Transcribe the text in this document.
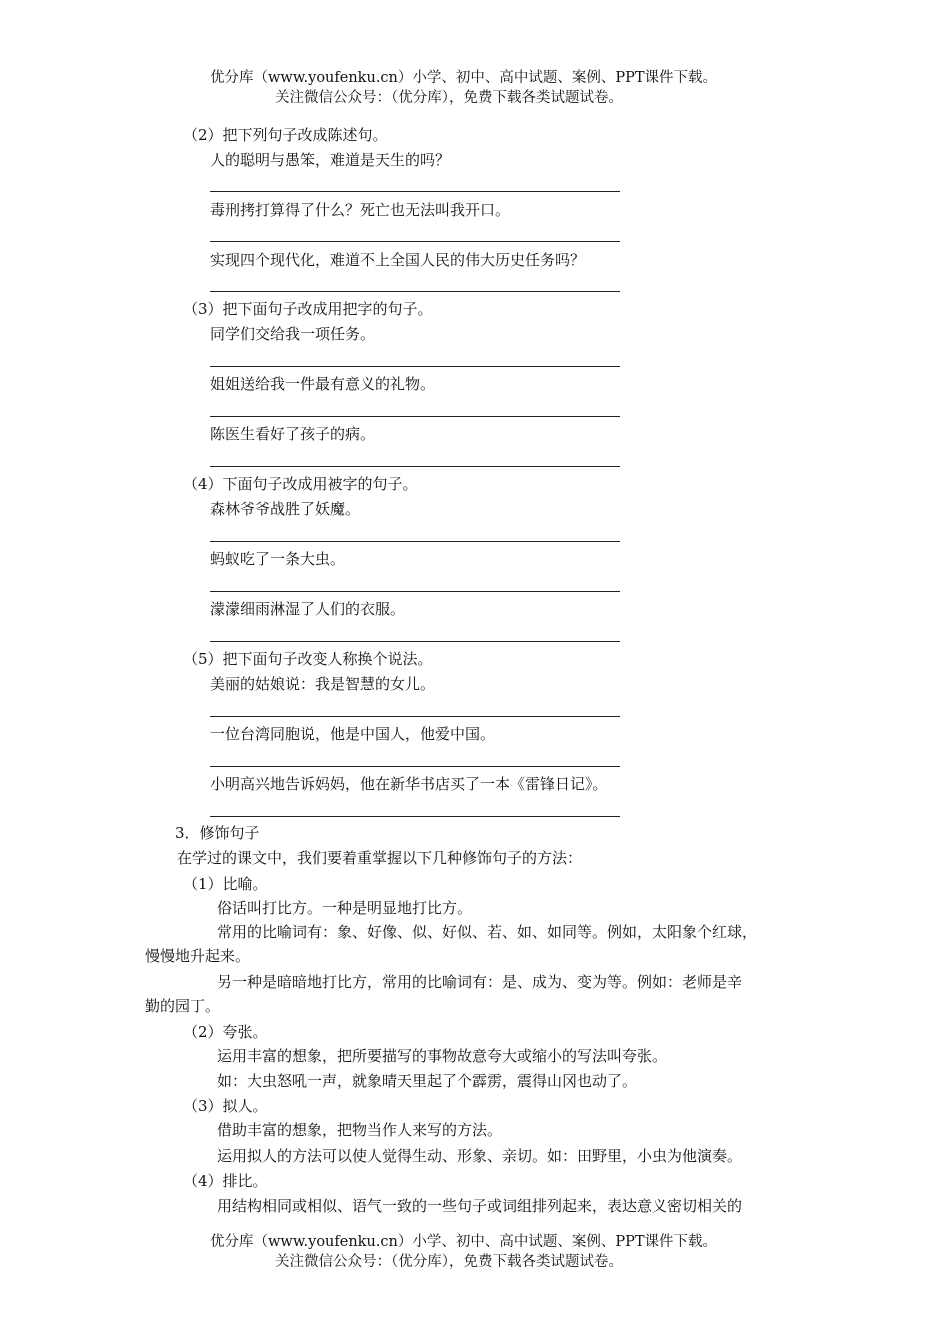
优分库（www.youfenku.cn）小学、初中、高中试题、案例、PPT课件下载。
关注微信公众号：（优分库），免费下载各类试题试卷。
（2）把下列句子改成陈述句。
人的聪明与愚笨，难道是天生的吗？
毒刑拷打算得了什么？死亡也无法叫我开口。
实现四个现代化，难道不上全国人民的伟大历史任务吗？
（3）把下面句子改成用把字的句子。
同学们交给我一项任务。
姐姐送给我一件最有意义的礼物。
陈医生看好了孩子的病。
（4）下面句子改成用被字的句子。
森林爷爷战胜了妖魔。
蚂蚁吃了一条大虫。
濛濛细雨淋湿了人们的衣服。
（5）把下面句子改变人称换个说法。
美丽的姑娘说：我是智慧的女儿。
一位台湾同胞说，他是中国人，他爱中国。
小明高兴地告诉妈妈，他在新华书店买了一本《雷锋日记》。
3．修饰句子
在学过的课文中，我们要着重掌握以下几种修饰句子的方法：
（1）比喻。
俗话叫打比方。一种是明显地打比方。
常用的比喻词有：象、好像、似、好似、若、如、如同等。例如，太阳象个红球，
慢慢地升起来。
另一种是暗暗地打比方，常用的比喻词有：是、成为、变为等。例如：老师是辛
勤的园丁。
（2）夸张。
运用丰富的想象，把所要描写的事物故意夸大或缩小的写法叫夸张。
如：大虫怒吼一声，就象晴天里起了个霹雳，震得山冈也动了。
（3）拟人。
借助丰富的想象，把物当作人来写的方法。
运用拟人的方法可以使人觉得生动、形象、亲切。如：田野里，小虫为他演奏。
（4）排比。
用结构相同或相似、语气一致的一些句子或词组排列起来，表达意义密切相关的
优分库（www.youfenku.cn）小学、初中、高中试题、案例、PPT课件下载。
关注微信公众号：（优分库），免费下载各类试题试卷。
